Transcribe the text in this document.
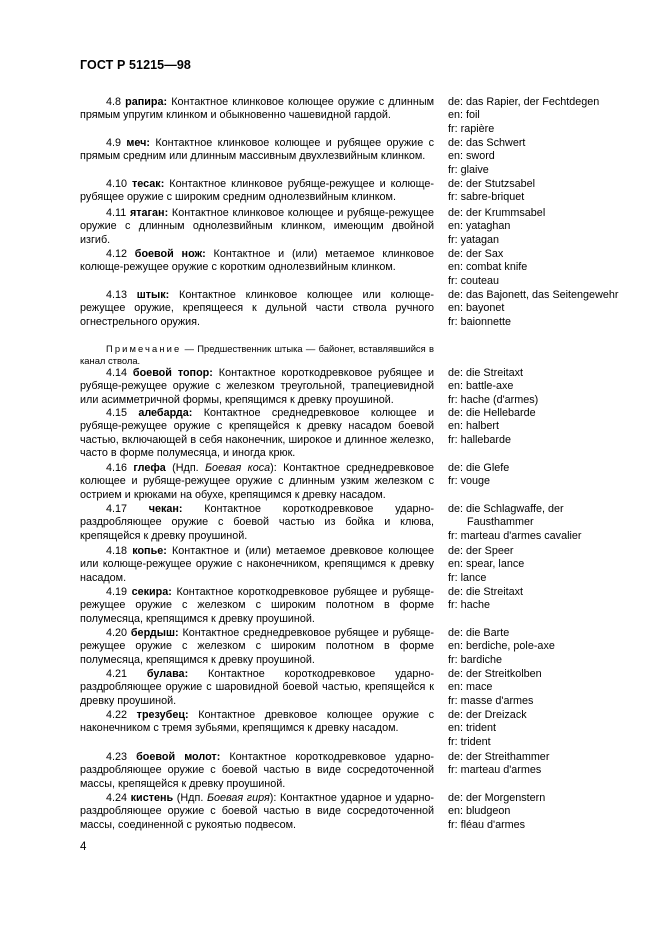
ГОСТ Р 51215—98
4.8 рапира: Контактное клинковое колющее оружие с длинным прямым упругим клинком и обыкновенно чашевидной гардой.
de: das Rapier, der Fechtdegen
en: foil
fr: rapière
4.9 меч: Контактное клинковое колющее и рубящее оружие с прямым средним или длинным массивным двухлезвийным клинком.
de: das Schwert
en: sword
fr: glaive
4.10 тесак: Контактное клинковое рубяще-режущее и колюще-рубящее оружие с широким средним однолезвийным клинком.
de: der Stutzsabel
fr: sabre-briquet
4.11 ятаган: Контактное клинковое колющее и рубяще-режущее оружие с длинным однолезвийным клинком, имеющим двойной изгиб.
de: der Krummsabel
en: yataghan
fr: yatagan
4.12 боевой нож: Контактное и (или) метаемое клинковое колюще-режущее оружие с коротким однолезвийным клинком.
de: der Sax
en: combat knife
fr: couteau
4.13 штык: Контактное клинковое колющее или колюще-режущее оружие, крепящееся к дульной части ствола ручного огнестрельного оружия.
de: das Bajonett, das Seitengewehr
en: bayonet
fr: baionnette
4.14 боевой топор: Контактное короткодревковое рубящее и рубяще-режущее оружие с железком треугольной, трапециевидной или асимметричной формы, крепящимся к древку проушиной.
de: die Streitaxt
en: battle-axe
fr: hache (d'armes)
4.15 алебарда: Контактное среднедревковое колющее и рубяще-режущее оружие с крепящейся к древку насадом боевой частью, включающей в себя наконечник, широкое и длинное железко, часто в форме полумесяца, и иногда крюк.
de: die Hellebarde
en: halbert
fr: hallebarde
4.16 глефа (Ндп. Боевая коса): Контактное среднедревковое колющее и рубяще-режущее оружие с длинным узким железком с острием и крюками на обухе, крепящимся к древку насадом.
de: die Glefe
fr: vouge
4.17 чекан: Контактное короткодревковое ударно-раздробляющее оружие с боевой частью из бойка и клюва, крепящейся к древку проушиной.
de: die Schlagwaffe, der
Fausthammer
fr: marteau d'armes cavalier
4.18 копье: Контактное и (или) метаемое древковое колющее или колюще-режущее оружие с наконечником, крепящимся к древку насадом.
de: der Speer
en: spear, lance
fr: lance
4.19 секира: Контактное короткодревковое рубящее и рубяще-режущее оружие с железком с широким полотном в форме полумесяца, крепящимся к древку проушиной.
de: die Streitaxt
fr: hache
4.20 бердыш: Контактное среднедревковое рубящее и рубяще-режущее оружие с железком с широким полотном в форме полумесяца, крепящимся к древку проушиной.
de: die Barte
en: berdiche, pole-axe
fr: bardiche
4.21 булава: Контактное короткодревковое ударно-раздробляющее оружие с шаровидной боевой частью, крепящейся к древку проушиной.
de: der Streitkolben
en: mace
fr: masse d'armes
4.22 трезубец: Контактное древковое колющее оружие с наконечником с тремя зубьями, крепящимся к древку насадом.
de: der Dreizack
en: trident
fr: trident
4.23 боевой молот: Контактное короткодревковое ударно-раздробляющее оружие с боевой частью в виде сосредоточенной массы, крепящейся к древку проушиной.
de: der Streithammer
fr: marteau d'armes
4.24 кистень (Ндп. Боевая гиря): Контактное ударное и ударно-раздробляющее оружие с боевой частью в виде сосредоточенной массы, соединенной с рукоятью подвесом.
de: der Morgenstern
en: bludgeon
fr: fléau d'armes
Примечание — Предшественник штыка — байонет, вставлявшийся в канал ствола.
4
